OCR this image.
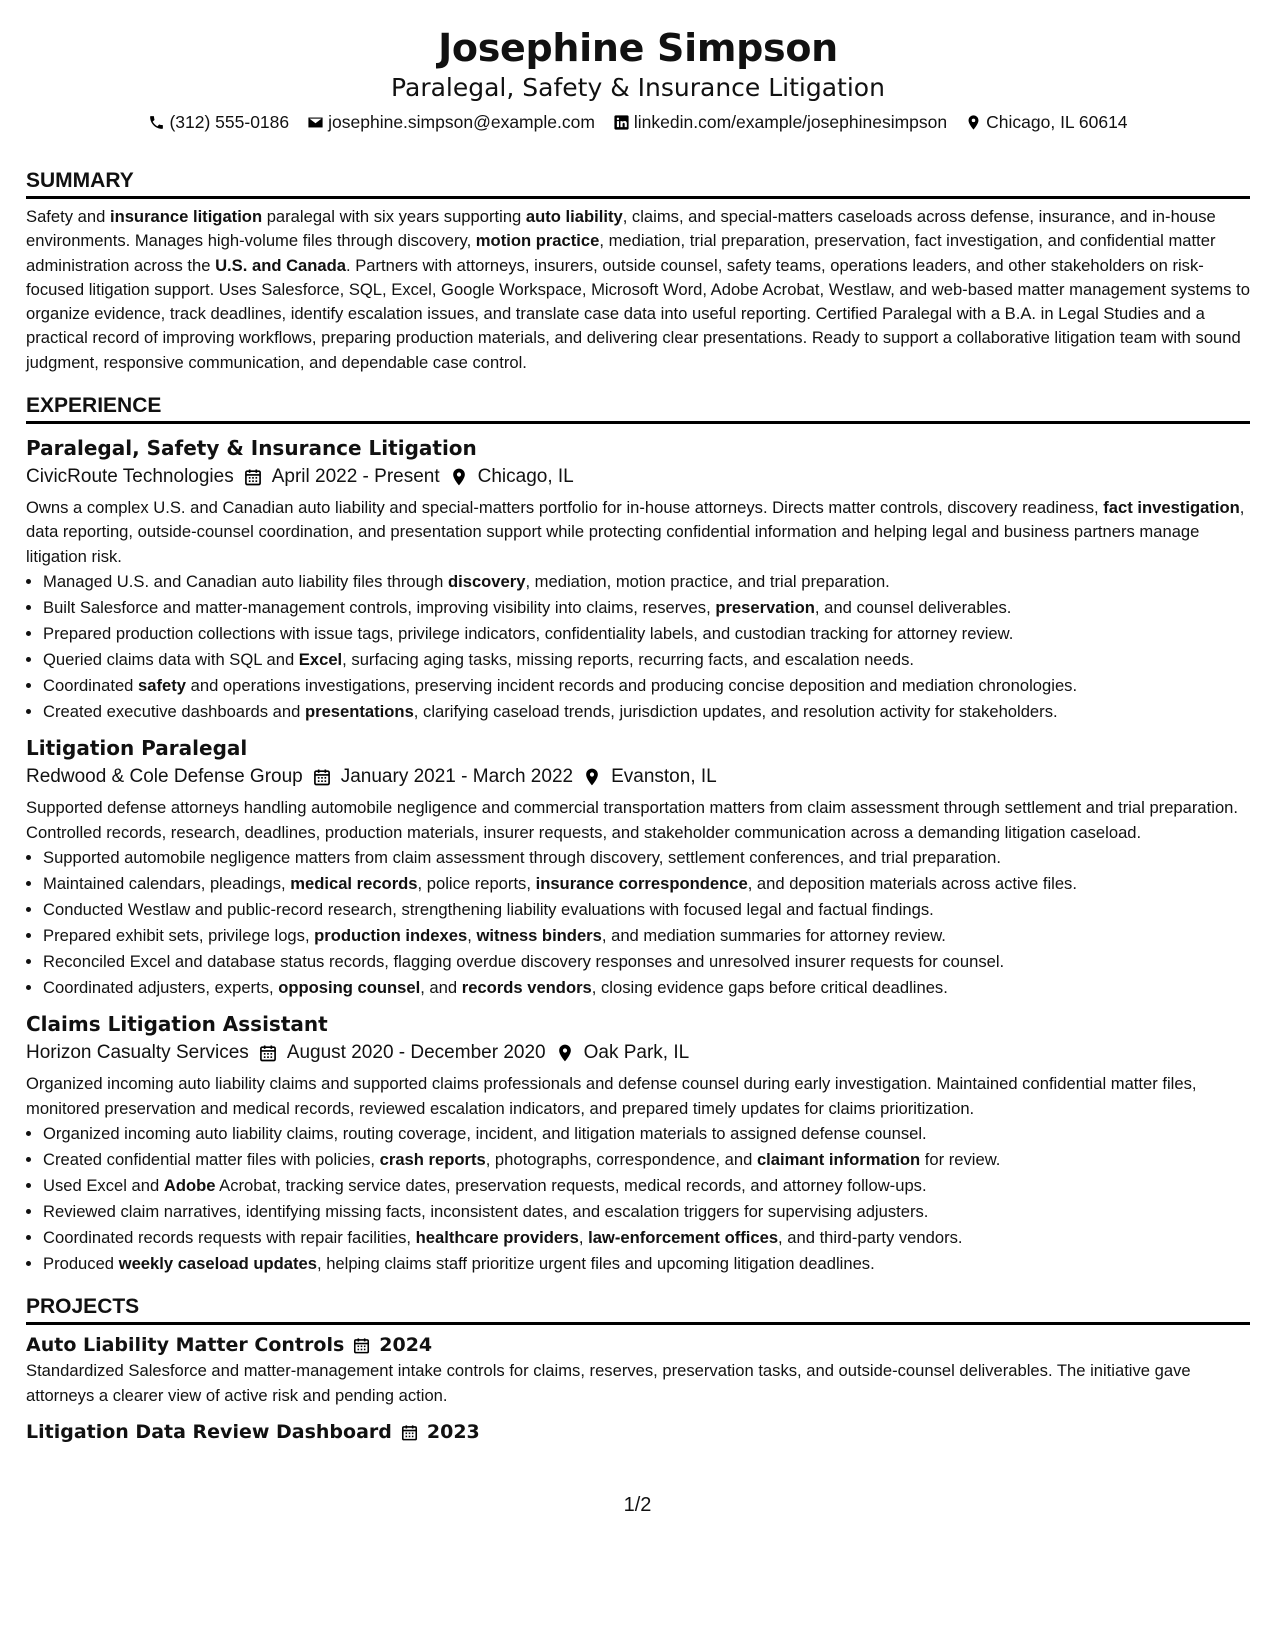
Josephine Simpson
Paralegal, Safety & Insurance Litigation
(312) 555-0186 josephine.simpson@example.com linkedin.com/example/josephinesimpson Chicago, IL 60614
SUMMARY
Safety and insurance litigation paralegal with six years supporting auto liability, claims, and special-matters caseloads across defense, insurance, and in-house environments. Manages high-volume files through discovery, motion practice, mediation, trial preparation, preservation, fact investigation, and confidential matter administration across the U.S. and Canada. Partners with attorneys, insurers, outside counsel, safety teams, operations leaders, and other stakeholders on risk-focused litigation support. Uses Salesforce, SQL, Excel, Google Workspace, Microsoft Word, Adobe Acrobat, Westlaw, and web-based matter management systems to organize evidence, track deadlines, identify escalation issues, and translate case data into useful reporting. Certified Paralegal with a B.A. in Legal Studies and a practical record of improving workflows, preparing production materials, and delivering clear presentations. Ready to support a collaborative litigation team with sound judgment, responsive communication, and dependable case control.
EXPERIENCE
Paralegal, Safety & Insurance Litigation
CivicRoute Technologies April 2022 - Present Chicago, IL
Owns a complex U.S. and Canadian auto liability and special-matters portfolio for in-house attorneys. Directs matter controls, discovery readiness, fact investigation, data reporting, outside-counsel coordination, and presentation support while protecting confidential information and helping legal and business partners manage litigation risk.
• Managed U.S. and Canadian auto liability files through discovery, mediation, motion practice, and trial preparation.
• Built Salesforce and matter-management controls, improving visibility into claims, reserves, preservation, and counsel deliverables.
• Prepared production collections with issue tags, privilege indicators, confidentiality labels, and custodian tracking for attorney review.
• Queried claims data with SQL and Excel, surfacing aging tasks, missing reports, recurring facts, and escalation needs.
• Coordinated safety and operations investigations, preserving incident records and producing concise deposition and mediation chronologies.
• Created executive dashboards and presentations, clarifying caseload trends, jurisdiction updates, and resolution activity for stakeholders.
Litigation Paralegal
Redwood & Cole Defense Group January 2021 - March 2022 Evanston, IL
Supported defense attorneys handling automobile negligence and commercial transportation matters from claim assessment through settlement and trial preparation. Controlled records, research, deadlines, production materials, insurer requests, and stakeholder communication across a demanding litigation caseload.
• Supported automobile negligence matters from claim assessment through discovery, settlement conferences, and trial preparation.
• Maintained calendars, pleadings, medical records, police reports, insurance correspondence, and deposition materials across active files.
• Conducted Westlaw and public-record research, strengthening liability evaluations with focused legal and factual findings.
• Prepared exhibit sets, privilege logs, production indexes, witness binders, and mediation summaries for attorney review.
• Reconciled Excel and database status records, flagging overdue discovery responses and unresolved insurer requests for counsel.
• Coordinated adjusters, experts, opposing counsel, and records vendors, closing evidence gaps before critical deadlines.
Claims Litigation Assistant
Horizon Casualty Services August 2020 - December 2020 Oak Park, IL
Organized incoming auto liability claims and supported claims professionals and defense counsel during early investigation. Maintained confidential matter files, monitored preservation and medical records, reviewed escalation indicators, and prepared timely updates for claims prioritization.
• Organized incoming auto liability claims, routing coverage, incident, and litigation materials to assigned defense counsel.
• Created confidential matter files with policies, crash reports, photographs, correspondence, and claimant information for review.
• Used Excel and Adobe Acrobat, tracking service dates, preservation requests, medical records, and attorney follow-ups.
• Reviewed claim narratives, identifying missing facts, inconsistent dates, and escalation triggers for supervising adjusters.
• Coordinated records requests with repair facilities, healthcare providers, law-enforcement offices, and third-party vendors.
• Produced weekly caseload updates, helping claims staff prioritize urgent files and upcoming litigation deadlines.
PROJECTS
Auto Liability Matter Controls 2024
Standardized Salesforce and matter-management intake controls for claims, reserves, preservation tasks, and outside-counsel deliverables. The initiative gave attorneys a clearer view of active risk and pending action.
Litigation Data Review Dashboard 2023
1/2
